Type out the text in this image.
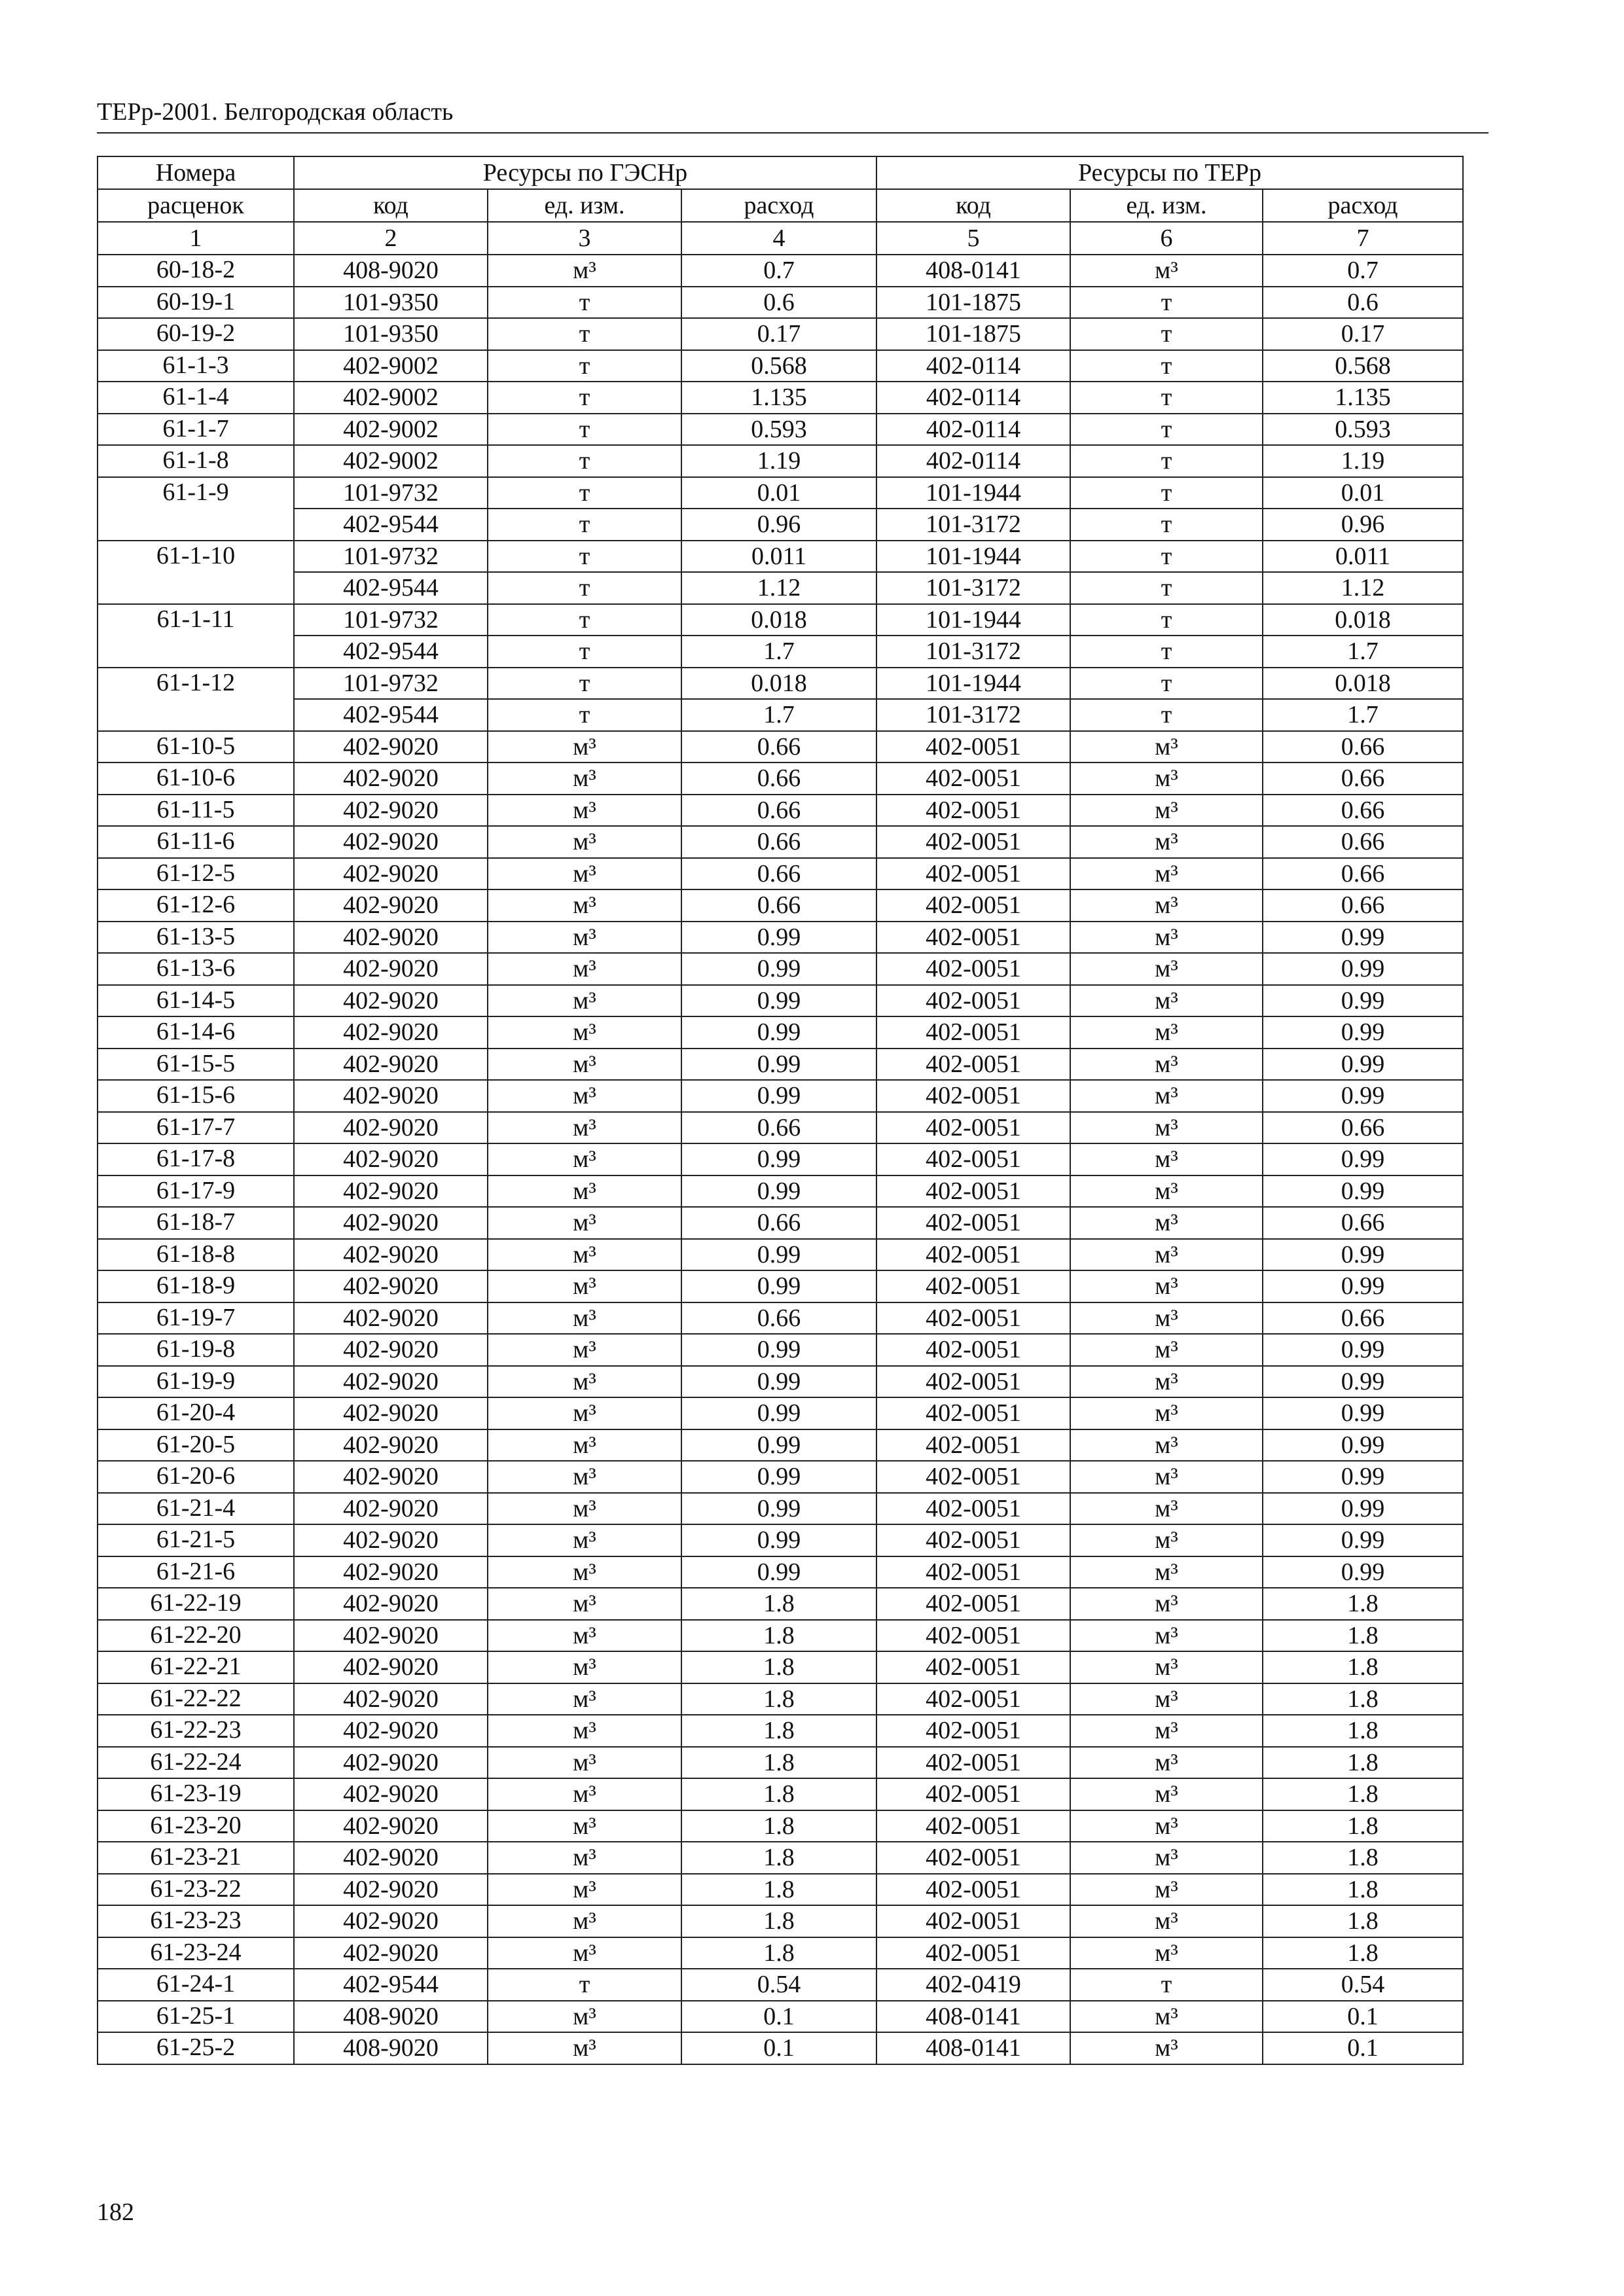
ТЕРр-2001. Белгородская область
Номера	Ресурсы по ГЭСНр			Ресурсы по ТЕРр		
расценок	код	ед. изм.	расход	код	ед. изм.	расход
1	2	3	4	5	6	7
60-18-2	408-9020	м³	0.7	408-0141	м³	0.7
60-19-1	101-9350	т	0.6	101-1875	т	0.6
60-19-2	101-9350	т	0.17	101-1875	т	0.17
61-1-3	402-9002	т	0.568	402-0114	т	0.568
61-1-4	402-9002	т	1.135	402-0114	т	1.135
61-1-7	402-9002	т	0.593	402-0114	т	0.593
61-1-8	402-9002	т	1.19	402-0114	т	1.19
61-1-9	101-9732	т	0.01	101-1944	т	0.01
	402-9544	т	0.96	101-3172	т	0.96
61-1-10	101-9732	т	0.011	101-1944	т	0.011
	402-9544	т	1.12	101-3172	т	1.12
61-1-11	101-9732	т	0.018	101-1944	т	0.018
	402-9544	т	1.7	101-3172	т	1.7
61-1-12	101-9732	т	0.018	101-1944	т	0.018
	402-9544	т	1.7	101-3172	т	1.7
61-10-5	402-9020	м³	0.66	402-0051	м³	0.66
61-10-6	402-9020	м³	0.66	402-0051	м³	0.66
61-11-5	402-9020	м³	0.66	402-0051	м³	0.66
61-11-6	402-9020	м³	0.66	402-0051	м³	0.66
61-12-5	402-9020	м³	0.66	402-0051	м³	0.66
61-12-6	402-9020	м³	0.66	402-0051	м³	0.66
61-13-5	402-9020	м³	0.99	402-0051	м³	0.99
61-13-6	402-9020	м³	0.99	402-0051	м³	0.99
61-14-5	402-9020	м³	0.99	402-0051	м³	0.99
61-14-6	402-9020	м³	0.99	402-0051	м³	0.99
61-15-5	402-9020	м³	0.99	402-0051	м³	0.99
61-15-6	402-9020	м³	0.99	402-0051	м³	0.99
61-17-7	402-9020	м³	0.66	402-0051	м³	0.66
61-17-8	402-9020	м³	0.99	402-0051	м³	0.99
61-17-9	402-9020	м³	0.99	402-0051	м³	0.99
61-18-7	402-9020	м³	0.66	402-0051	м³	0.66
61-18-8	402-9020	м³	0.99	402-0051	м³	0.99
61-18-9	402-9020	м³	0.99	402-0051	м³	0.99
61-19-7	402-9020	м³	0.66	402-0051	м³	0.66
61-19-8	402-9020	м³	0.99	402-0051	м³	0.99
61-19-9	402-9020	м³	0.99	402-0051	м³	0.99
61-20-4	402-9020	м³	0.99	402-0051	м³	0.99
61-20-5	402-9020	м³	0.99	402-0051	м³	0.99
61-20-6	402-9020	м³	0.99	402-0051	м³	0.99
61-21-4	402-9020	м³	0.99	402-0051	м³	0.99
61-21-5	402-9020	м³	0.99	402-0051	м³	0.99
61-21-6	402-9020	м³	0.99	402-0051	м³	0.99
61-22-19	402-9020	м³	1.8	402-0051	м³	1.8
61-22-20	402-9020	м³	1.8	402-0051	м³	1.8
61-22-21	402-9020	м³	1.8	402-0051	м³	1.8
61-22-22	402-9020	м³	1.8	402-0051	м³	1.8
61-22-23	402-9020	м³	1.8	402-0051	м³	1.8
61-22-24	402-9020	м³	1.8	402-0051	м³	1.8
61-23-19	402-9020	м³	1.8	402-0051	м³	1.8
61-23-20	402-9020	м³	1.8	402-0051	м³	1.8
61-23-21	402-9020	м³	1.8	402-0051	м³	1.8
61-23-22	402-9020	м³	1.8	402-0051	м³	1.8
61-23-23	402-9020	м³	1.8	402-0051	м³	1.8
61-23-24	402-9020	м³	1.8	402-0051	м³	1.8
61-24-1	402-9544	т	0.54	402-0419	т	0.54
61-25-1	408-9020	м³	0.1	408-0141	м³	0.1
61-25-2	408-9020	м³	0.1	408-0141	м³	0.1
182
